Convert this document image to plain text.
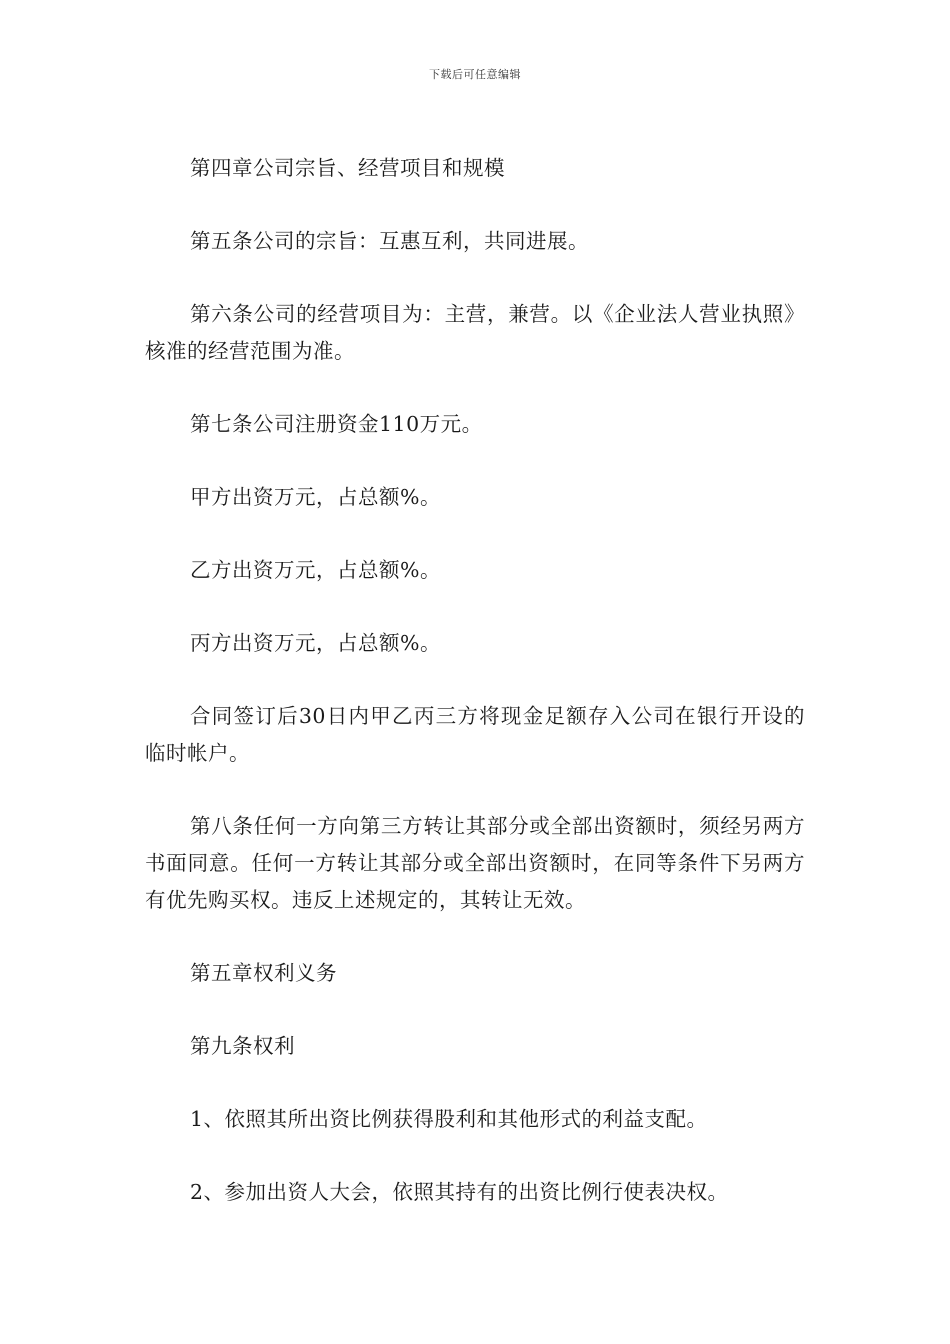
下载后可任意编辑

第四章公司宗旨、经营项目和规模

第五条公司的宗旨：互惠互利，共同进展。

第六条公司的经营项目为：主营，兼营。以《企业法人营业执照》核准的经营范围为准。

第七条公司注册资金110万元。

甲方出资万元，占总额%。

乙方出资万元，占总额%。

丙方出资万元，占总额%。

合同签订后30日内甲乙丙三方将现金足额存入公司在银行开设的临时帐户。

第八条任何一方向第三方转让其部分或全部出资额时，须经另两方书面同意。任何一方转让其部分或全部出资额时，在同等条件下另两方有优先购买权。违反上述规定的，其转让无效。

第五章权利义务

第九条权利

1、依照其所出资比例获得股利和其他形式的利益支配。

2、参加出资人大会，依照其持有的出资比例行使表决权。
